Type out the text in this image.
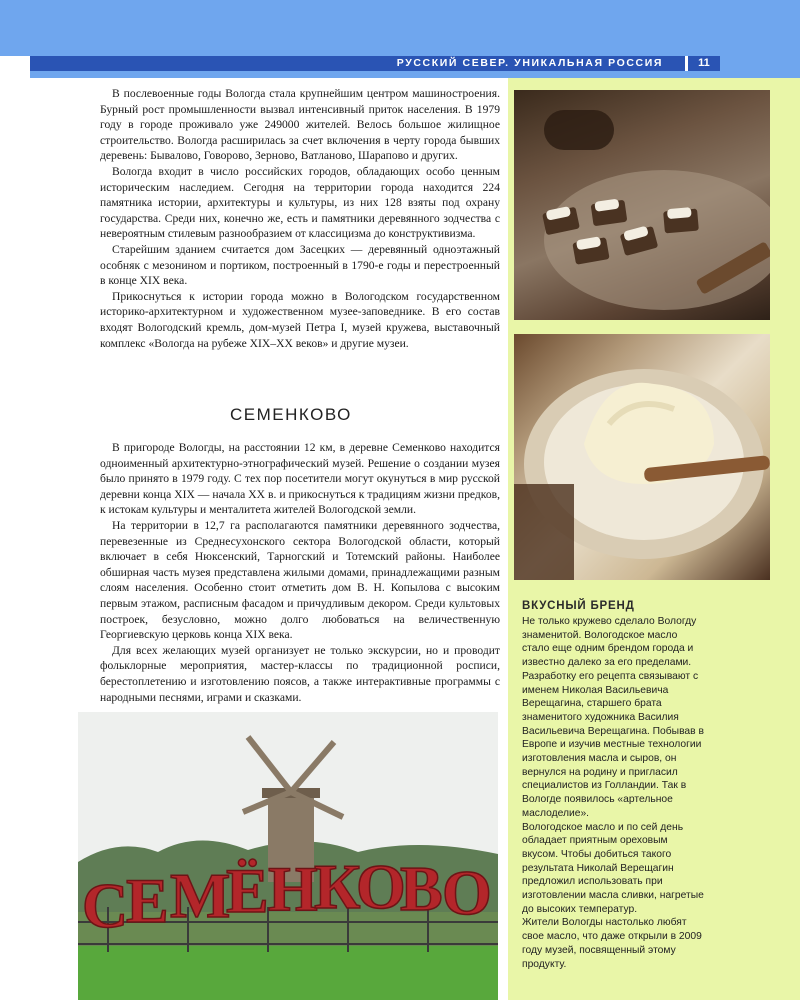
РУССКИЙ СЕВЕР. УНИКАЛЬНАЯ РОССИЯ	11

В послевоенные годы Вологда стала крупнейшим центром машиностроения. Бурный рост промышленности вызвал интенсивный приток населения. В 1979 году в городе проживало уже 249000 жителей. Велось большое жилищное строительство. Вологда расширилась за счет включения в черту города бывших деревень: Бывалово, Говорово, Зерново, Ватланово, Шарапово и других.

Вологда входит в число российских городов, обладающих особо ценным историческим наследием. Сегодня на территории города находится 224 памятника истории, архитектуры и культуры, из них 128 взяты под охрану государства. Среди них, конечно же, есть и памятники деревянного зодчества с невероятным стилевым разнообразием от классицизма до конструктивизма.

Старейшим зданием считается дом Засецких — деревянный одноэтажный особняк с мезонином и портиком, построенный в 1790-е годы и перестроенный в конце XIX века.

Прикоснуться к истории города можно в Вологодском государственном историко-архитектурном и художественном музее-заповеднике. В его состав входят Вологодский кремль, дом-музей Петра I, музей кружева, выставочный комплекс «Вологда на рубеже XIX–XX веков» и другие музеи.

СЕМЕНКОВО

В пригороде Вологды, на расстоянии 12 км, в деревне Семенково находится одноименный архитектурно-этнографический музей. Решение о создании музея было принято в 1979 году. С тех пор посетители могут окунуться в мир русской деревни конца XIX — начала XX в. и прикоснуться к традициям жизни предков, к истокам культуры и менталитета жителей Вологодской земли.

На территории в 12,7 га располагаются памятники деревянного зодчества, перевезенные из Среднесухонского сектора Вологодской области, который включает в себя Нюксенский, Тарногский и Тотемский районы. Наиболее обширная часть музея представлена жилыми домами, принадлежащими разным слоям населения. Особенно стоит отметить дом В. Н. Копылова с высоким первым этажом, расписным фасадом и причудливым декором. Среди культовых построек, безусловно, можно долго любоваться на величественную Георгиевскую церковь конца XIX века.

Для всех желающих музей организует не только экскурсии, но и проводит фольклорные мероприятия, мастер-классы по традиционной росписи, берестоплетению и изготовлению поясов, а также интерактивные программы с народными песнями, играми и сказками.

ВКУСНЫЙ БРЕНД

Не только кружево сделало Вологду знаменитой. Вологодское масло стало еще одним брендом города и известно далеко за его пределами.

Разработку его рецепта связывают с именем Николая Васильевича Верещагина, старшего брата знаменитого художника Василия Васильевича Верещагина. Побывав в Европе и изучив местные технологии изготовления масла и сыров, он вернулся на родину и пригласил специалистов из Голландии. Так в Вологде появилось «артельное маслоделие».

Вологодское масло и по сей день обладает приятным ореховым вкусом. Чтобы добиться такого результата Николай Верещагин предложил использовать при изготовлении масла сливки, нагретые до высоких температур.

Жители Вологды настолько любят свое масло, что даже открыли в 2009 году музей, посвященный этому продукту.

С
Е М
Ё Н
К
О
В О
